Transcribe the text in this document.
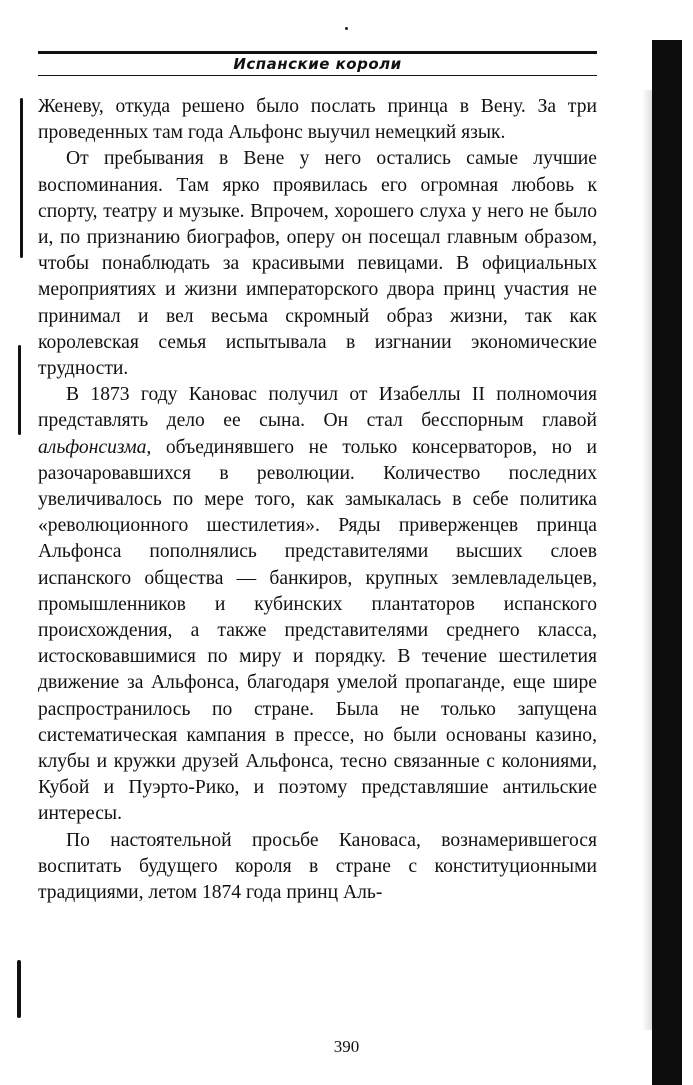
Испанские короли

Женеву, откуда решено было послать принца в Вену. За три проведенных там года Альфонс выучил немецкий язык.

От пребывания в Вене у него остались самые лучшие воспоминания. Там ярко проявилась его огромная любовь к спорту, театру и музыке. Впрочем, хорошего слуха у него не было и, по признанию биографов, оперу он посещал главным образом, чтобы понаблюдать за красивыми певицами. В официальных мероприятиях и жизни императорского двора принц участия не принимал и вел весьма скромный образ жизни, так как королевская семья испытывала в изгнании экономические трудности.

В 1873 году Кановас получил от Изабеллы II полномочия представлять дело ее сына. Он стал бесспорным главой альфонсизма, объединявшего не только консерваторов, но и разочаровавшихся в революции. Количество последних увеличивалось по мере того, как замыкалась в себе политика «революционного шестилетия». Ряды приверженцев принца Альфонса пополнялись представителями высших слоев испанского общества — банкиров, крупных землевладельцев, промышленников и кубинских плантаторов испанского происхождения, а также представителями среднего класса, истосковавшимися по миру и порядку. В течение шестилетия движение за Альфонса, благодаря умелой пропаганде, еще шире распространилось по стране. Была не только запущена систематическая кампания в прессе, но были основаны казино, клубы и кружки друзей Альфонса, тесно связанные с колониями, Кубой и Пуэрто-Рико, и поэтому представляшие антильские интересы.

По настоятельной просьбе Кановаса, вознамерившегося воспитать будущего короля в стране с конституционными традициями, летом 1874 года принц Аль-

390
